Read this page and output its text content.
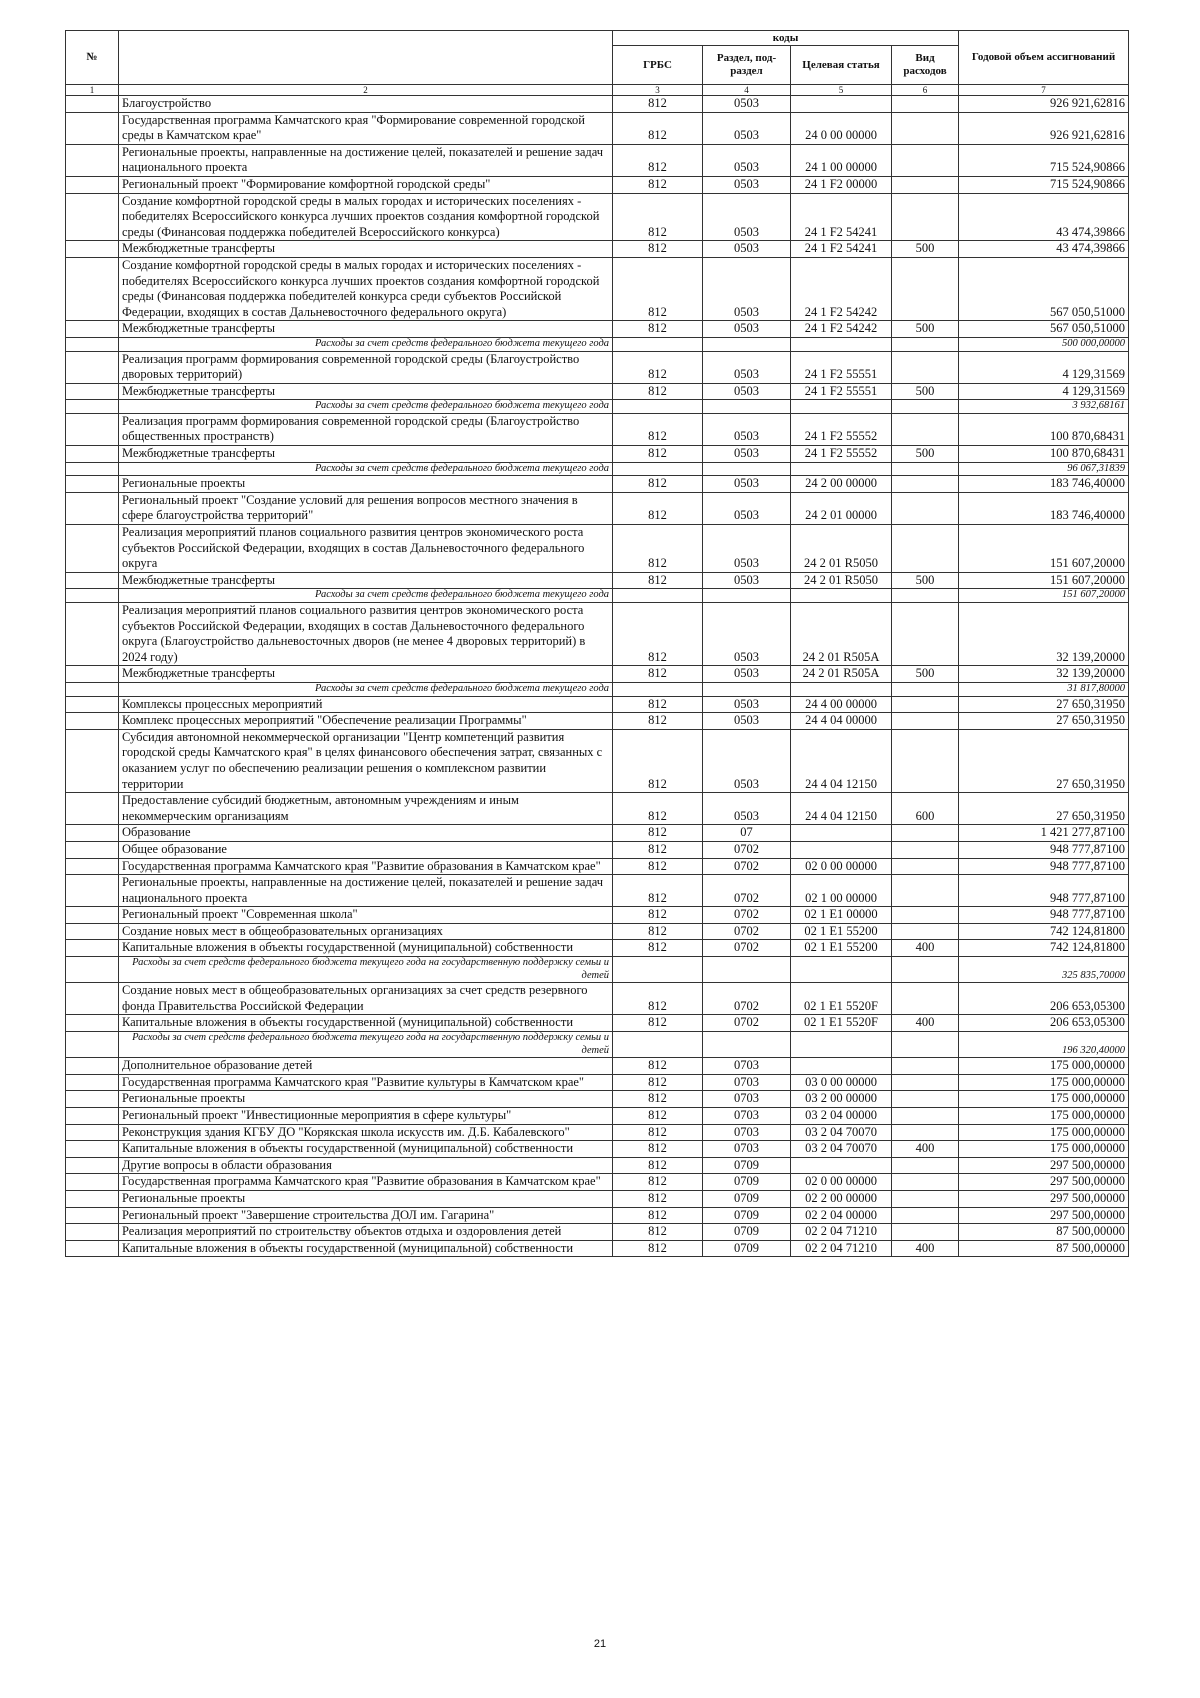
№		коды				Годовой объем ассигнований
		ГРБС	Раздел, под-раздел	Целевая статья	Вид расходов	
1	2	3	4	5	6	7
	Благоустройство	812	0503			926 921,62816
	Государственная программа Камчатского края "Формирование современной городской среды в Камчатском крае"	812	0503	24 0 00 00000		926 921,62816
	Региональные проекты, направленные на достижение целей, показателей и решение задач национального проекта	812	0503	24 1 00 00000		715 524,90866
	Региональный проект "Формирование комфортной городской среды"	812	0503	24 1 F2 00000		715 524,90866
	Создание комфортной городской среды в малых городах и исторических поселениях - победителях Всероссийского конкурса лучших проектов создания комфортной городской среды (Финансовая поддержка победителей Всероссийского конкурса)	812	0503	24 1 F2 54241		43 474,39866
	Межбюджетные трансферты	812	0503	24 1 F2 54241	500	43 474,39866
	Создание комфортной городской среды в малых городах и исторических поселениях - победителях Всероссийского конкурса лучших проектов создания комфортной городской среды (Финансовая поддержка победителей конкурса среди субъектов Российской Федерации, входящих в состав Дальневосточного федерального округа)	812	0503	24 1 F2 54242		567 050,51000
	Межбюджетные трансферты	812	0503	24 1 F2 54242	500	567 050,51000
	Расходы за счет средств федерального бюджета текущего года					500 000,00000
	Реализация программ формирования современной городской среды (Благоустройство дворовых территорий)	812	0503	24 1 F2 55551		4 129,31569
	Межбюджетные трансферты	812	0503	24 1 F2 55551	500	4 129,31569
	Расходы за счет средств федерального бюджета текущего года					3 932,68161
	Реализация программ формирования современной городской среды (Благоустройство общественных пространств)	812	0503	24 1 F2 55552		100 870,68431
	Межбюджетные трансферты	812	0503	24 1 F2 55552	500	100 870,68431
	Расходы за счет средств федерального бюджета текущего года					96 067,31839
	Региональные проекты	812	0503	24 2 00 00000		183 746,40000
	Региональный проект "Создание условий для решения вопросов местного значения в сфере благоустройства территорий"	812	0503	24 2 01 00000		183 746,40000
	Реализация мероприятий планов социального развития центров экономического роста субъектов Российской Федерации, входящих в состав Дальневосточного федерального округа	812	0503	24 2 01 R5050		151 607,20000
	Межбюджетные трансферты	812	0503	24 2 01 R5050	500	151 607,20000
	Расходы за счет средств федерального бюджета текущего года					151 607,20000
	Реализация мероприятий планов социального развития центров экономического роста субъектов Российской Федерации, входящих в состав Дальневосточного федерального округа (Благоустройство дальневосточных дворов (не менее 4 дворовых территорий) в 2024 году)	812	0503	24 2 01 R505A		32 139,20000
	Межбюджетные трансферты	812	0503	24 2 01 R505A	500	32 139,20000
	Расходы за счет средств федерального бюджета текущего года					31 817,80000
	Комплексы процессных мероприятий	812	0503	24 4 00 00000		27 650,31950
	Комплекс процессных мероприятий "Обеспечение реализации Программы"	812	0503	24 4 04 00000		27 650,31950
	Субсидия автономной некоммерческой организации "Центр компетенций развития городской среды Камчатского края" в целях финансового обеспечения затрат, связанных с оказанием услуг по обеспечению реализации решения о комплексном развитии территории	812	0503	24 4 04 12150		27 650,31950
	Предоставление субсидий бюджетным, автономным учреждениям и иным некоммерческим организациям	812	0503	24 4 04 12150	600	27 650,31950
	Образование	812	07			1 421 277,87100
	Общее образование	812	0702			948 777,87100
	Государственная программа Камчатского края "Развитие образования в Камчатском крае"	812	0702	02 0 00 00000		948 777,87100
	Региональные проекты, направленные на достижение целей, показателей и решение задач национального проекта	812	0702	02 1 00 00000		948 777,87100
	Региональный проект "Современная школа"	812	0702	02 1 E1 00000		948 777,87100
	Создание новых мест в общеобразовательных организациях	812	0702	02 1 E1 55200		742 124,81800
	Капитальные вложения в объекты государственной (муниципальной) собственности	812	0702	02 1 E1 55200	400	742 124,81800
	Расходы за счет средств федерального бюджета текущего года на государственную поддержку семьи и детей					325 835,70000
	Создание новых мест в общеобразовательных организациях за счет средств резервного фонда Правительства Российской Федерации	812	0702	02 1 E1 5520F		206 653,05300
	Капитальные вложения в объекты государственной (муниципальной) собственности	812	0702	02 1 E1 5520F	400	206 653,05300
	Расходы за счет средств федерального бюджета текущего года на государственную поддержку семьи и детей					196 320,40000
	Дополнительное образование детей	812	0703			175 000,00000
	Государственная программа Камчатского края "Развитие культуры в Камчатском крае"	812	0703	03 0 00 00000		175 000,00000
	Региональные проекты	812	0703	03 2 00 00000		175 000,00000
	Региональный проект "Инвестиционные мероприятия в сфере культуры"	812	0703	03 2 04 00000		175 000,00000
	Реконструкция здания КГБУ ДО "Корякская школа искусств им. Д.Б. Кабалевского"	812	0703	03 2 04 70070		175 000,00000
	Капитальные вложения в объекты государственной (муниципальной) собственности	812	0703	03 2 04 70070	400	175 000,00000
	Другие вопросы в области образования	812	0709			297 500,00000
	Государственная программа Камчатского края "Развитие образования в Камчатском крае"	812	0709	02 0 00 00000		297 500,00000
	Региональные проекты	812	0709	02 2 00 00000		297 500,00000
	Региональный проект "Завершение строительства ДОЛ им. Гагарина"	812	0709	02 2 04 00000		297 500,00000
	Реализация мероприятий по строительству объектов отдыха и оздоровления детей	812	0709	02 2 04 71210		87 500,00000
	Капитальные вложения в объекты государственной (муниципальной) собственности	812	0709	02 2 04 71210	400	87 500,00000
21
